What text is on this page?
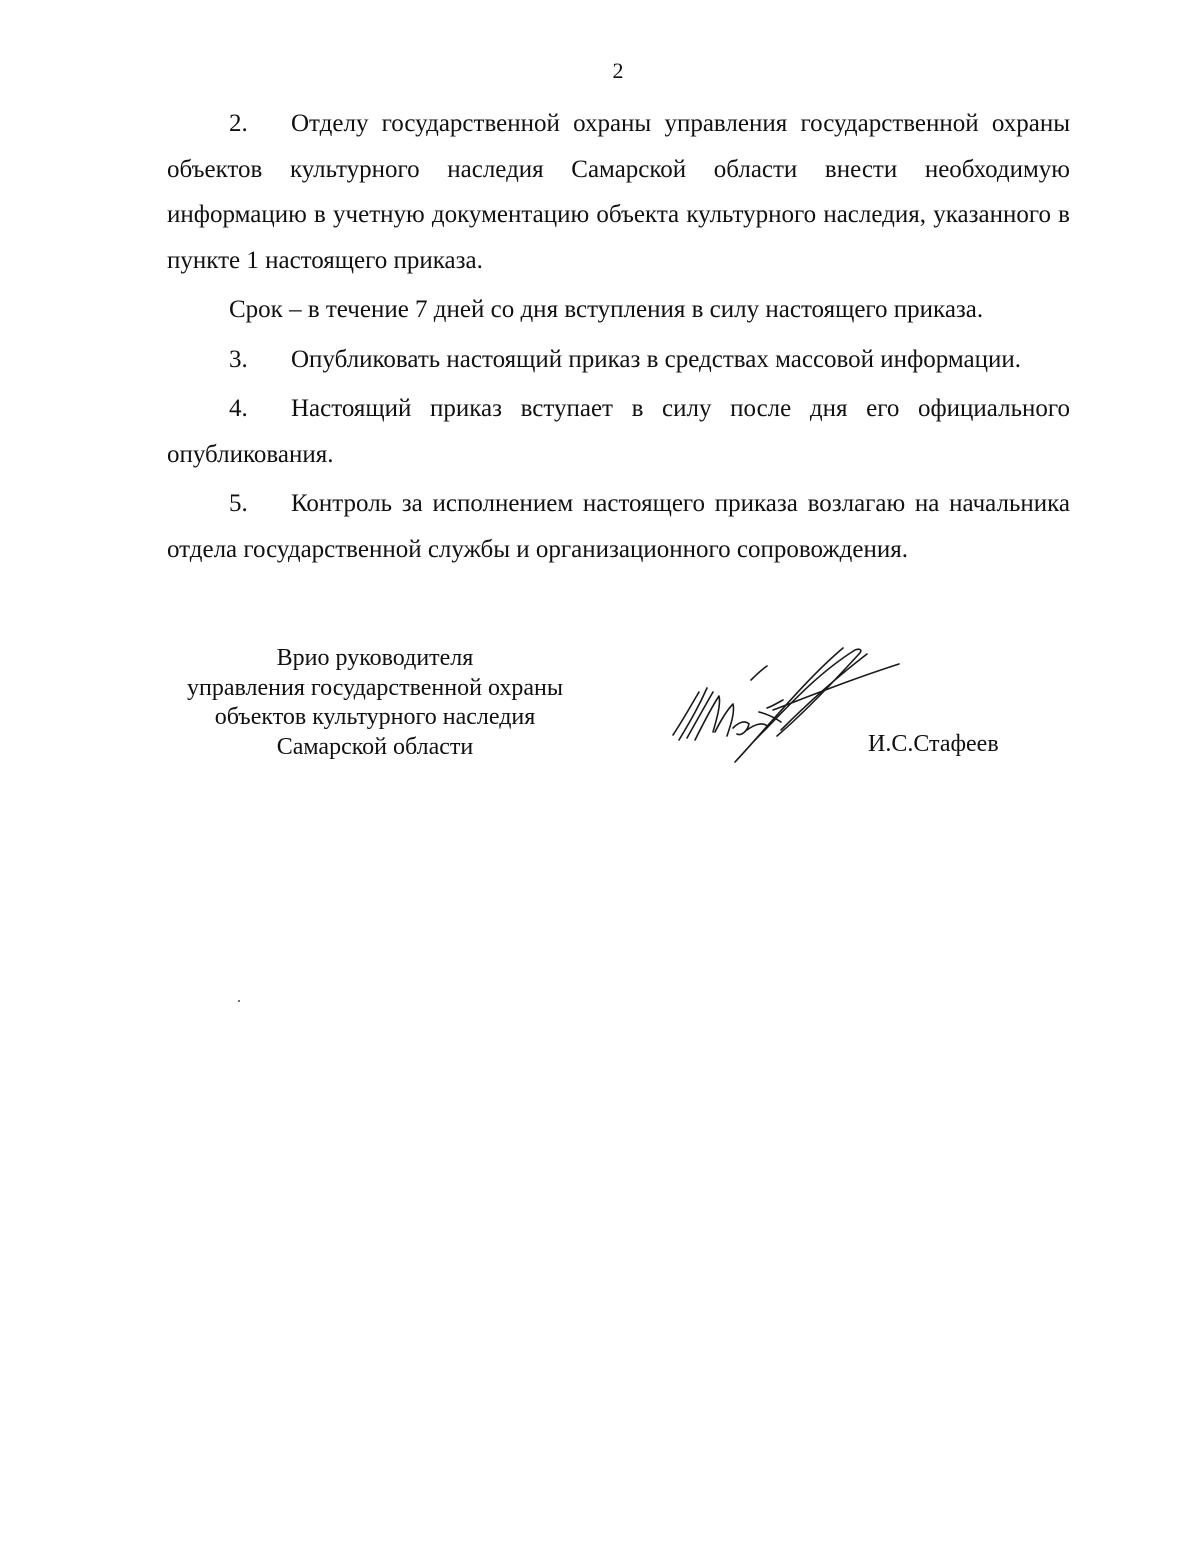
2

2. Отделу государственной охраны управления государственной охраны объектов культурного наследия Самарской области внести необходимую информацию в учетную документацию объекта культурного наследия, указанного в пункте 1 настоящего приказа.

Срок – в течение 7 дней со дня вступления в силу настоящего приказа.

3. Опубликовать настоящий приказ в средствах массовой информации.

4. Настоящий приказ вступает в силу после дня его официального опубликования.

5. Контроль за исполнением настоящего приказа возлагаю на начальника отдела государственной службы и организационного сопровождения.

Врио руководителя
управления государственной охраны
объектов культурного наследия
Самарской области	И.С.Стафеев
